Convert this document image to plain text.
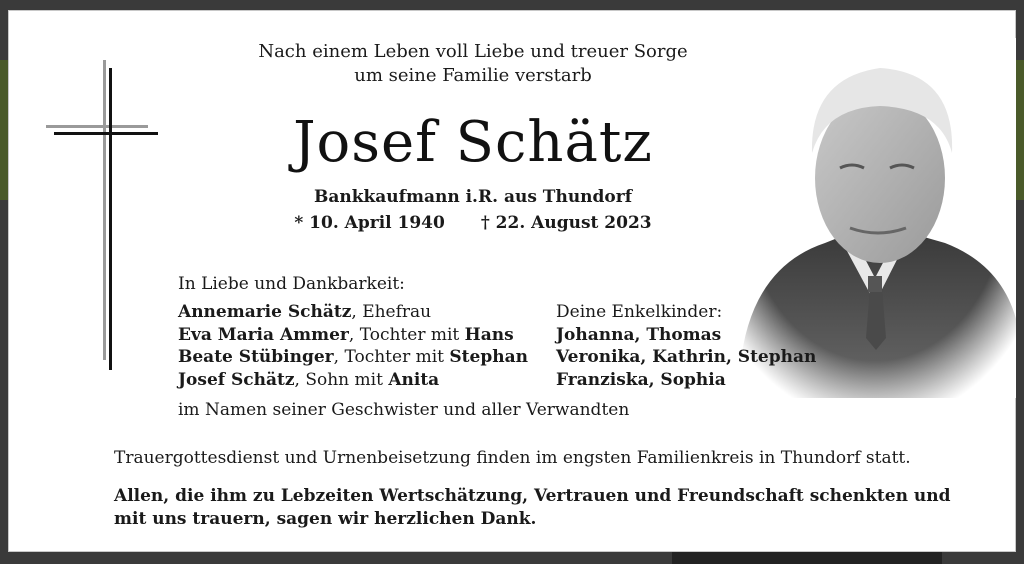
Nach einem Leben voll Liebe und treuer Sorge
um seine Familie verstarb
Josef Schätz
Bankkaufmann i.R. aus Thundorf
* 10. April 1940 † 22. August 2023
In Liebe und Dankbarkeit:
Annemarie Schätz, Ehefrau
Eva Maria Ammer, Tochter mit Hans
Beate Stübinger, Tochter mit Stephan
Josef Schätz, Sohn mit Anita
Deine Enkelkinder:
Johanna, Thomas
Veronika, Kathrin, Stephan
Franziska, Sophia
im Namen seiner Geschwister und aller Verwandten
Trauergottesdienst und Urnenbeisetzung finden im engsten Familienkreis in Thundorf statt.
Allen, die ihm zu Lebzeiten Wertschätzung, Vertrauen und Freundschaft schenkten und
mit uns trauern, sagen wir herzlichen Dank.
